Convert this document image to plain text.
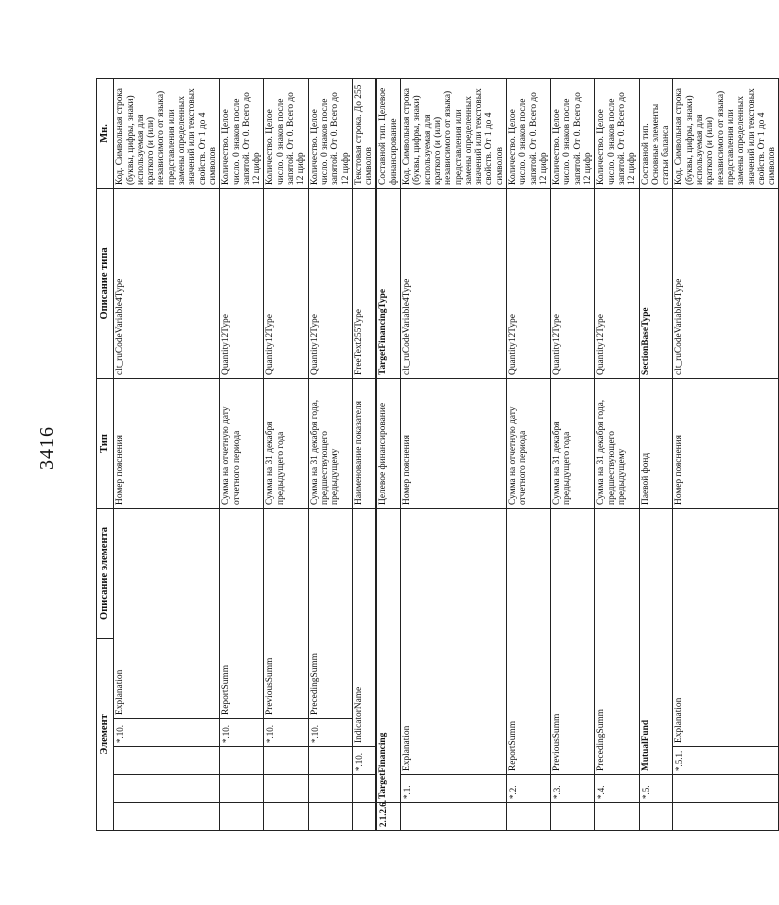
3416
Элемент					Описание элемента	Тип	Описание типа	Мн.	
			*.10.	Explanation		Номер пояснения	clt_ruCodeVariable4Type	Код. Символьная строка (буквы, цифры, знаки) используемая для краткого (и (или) независимого от языка) представления или замены определенных значений или текстовых свойств. От 1 до 4 символов	
			*.10.	ReportSumm		Сумма на отчетную дату отчетного периода	Quantity12Type	Количество. Целое число. 0 знаков после запятой. От 0. Всего до 12 цифр	
			*.10.	PreviousSumm		Сумма на 31 декабря предыдущего года	Quantity12Type	Количество. Целое число. 0 знаков после запятой. От 0. Всего до 12 цифр	
			*.10.	PrecedingSumm		Сумма на 31 декабря года, предшествующего предыдущему	Quantity12Type	Количество. Целое число. 0 знаков после запятой. От 0. Всего до 12 цифр	
		*.10.	IndicatorName			Наименование показателя	FreeText255Type	Текстовая строка. До 255 символов	
2.1.2.6.	TargetFinancing					Целевое финансирование	TargetFinancingType	Составной тип. Целевое финансирование	
	*.1.	Explanation				Номер пояснения	clt_ruCodeVariable4Type	Код. Символьная строка (буквы, цифры, знаки) используемая для краткого (и (или) независимого от языка) представления или замены определенных значений или текстовых свойств. От 1 до 4 символов	
	*.2.	ReportSumm				Сумма на отчетную дату отчетного периода	Quantity12Type	Количество. Целое число. 0 знаков после запятой. От 0. Всего до 12 цифр	
	*.3.	PreviousSumm				Сумма на 31 декабря предыдущего года	Quantity12Type	Количество. Целое число. 0 знаков после запятой. От 0. Всего до 12 цифр	
	*.4.	PrecedingSumm				Сумма на 31 декабря года, предшествующего предыдущему	Quantity12Type	Количество. Целое число. 0 знаков после запятой. От 0. Всего до 12 цифр	
	*.5.	MutualFund				Паевой фонд	SectionBaseType	Составной тип. Основные элементы статьи баланса	
		*.5.1.	Explanation			Номер пояснения	clt_ruCodeVariable4Type	Код. Символьная строка (буквы, цифры, знаки) используемая для краткого (и (или) независимого от языка) представления или замены определенных значений или текстовых свойств. От 1 до 4 символов	
